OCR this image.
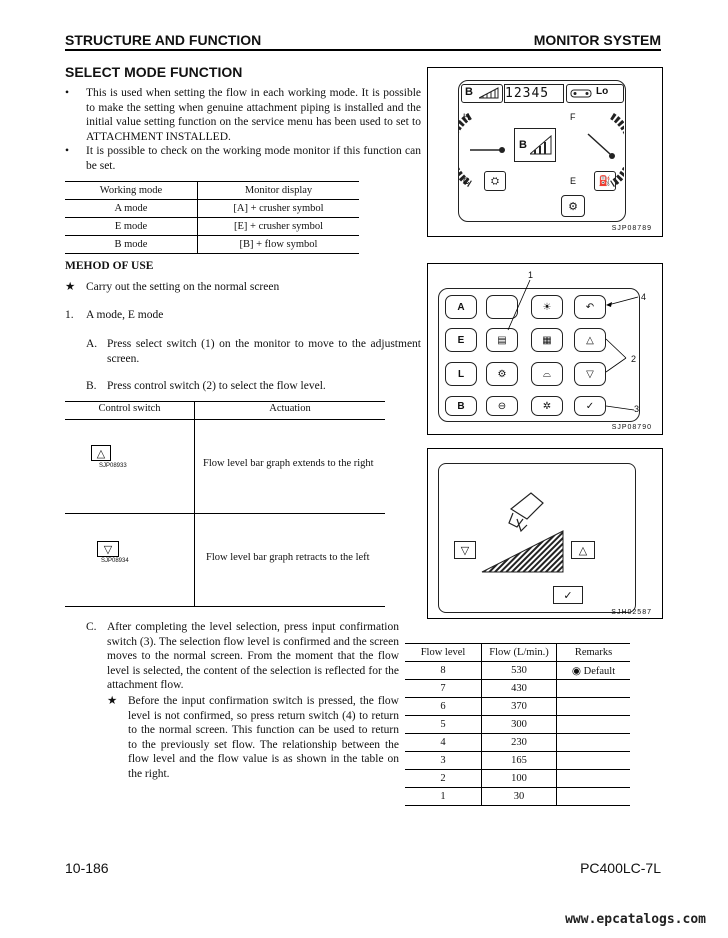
STRUCTURE AND FUNCTION	MONITOR SYSTEM
SELECT MODE FUNCTION
•	This is used when setting the flow in each working mode. It is possible to make the setting when genuine attachment piping is installed and the initial value setting function on the service menu has been used to set to ATTACHMENT INSTALLED.
•	It is possible to check on the working mode monitor if this function can be set.
Working mode	Monitor display
A mode	[A] + crusher symbol
E mode	[E] + crusher symbol
B mode	[B] + flow symbol
MEHOD OF USE
★ Carry out the setting on the normal screen
1.	A mode, E mode
A. Press select switch (1) on the monitor to move to the adjustment screen.
B. Press control switch (2) to select the flow level.
Control switch	Actuation
△
SJP08933	Flow level bar graph extends to the right
▽
SJP08934	Flow level bar graph retracts to the left
C. After completing the level selection, press input confirmation switch (3). The selection flow level is confirmed and the screen moves to the normal screen. From the moment that the flow level is selected, the content of the selection is reflected for the attachment flow.
★ Before the input confirmation switch is pressed, the flow level is not confirmed, so press return switch (4) to return to the normal screen. This function can be used to return to the previously set flow. The relationship between the flow level and the flow value is as shown in the table on the right.
Flow level	Flow (L/min.)	Remarks
8	530	◉ Default
7	430	
6	370	
5	300	
4	230	
3	165	
2	100	
1	30	
B 12345	Lo
H
C
F
E
B
⛭	⛽
⚙
SJP08789
A	☀	↶
E	▤	▦	△
L	⚙	⌓	▽
B	⊖	✲	✓
1
2
3
4
SJP08790
▽	△
✓
SJH02587
10-186	PC400LC-7L
www.epcatalogs.com
